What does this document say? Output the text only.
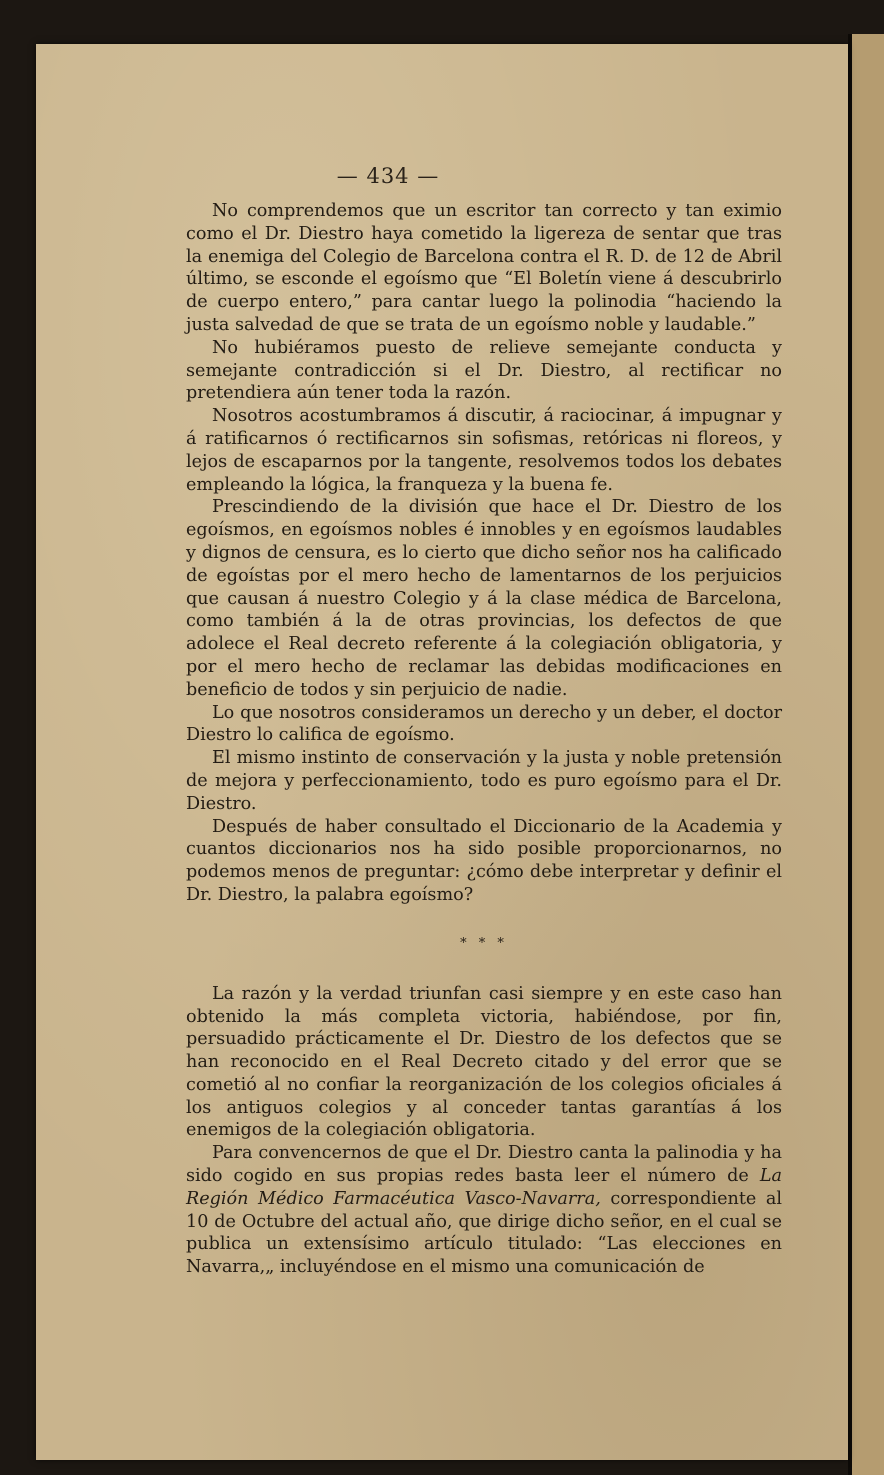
— 434 —

No comprendemos que un escritor tan correcto y tan eximio como el Dr. Diestro haya cometido la ligereza de sentar que tras la enemiga del Colegio de Barcelona contra el R. D. de 12 de Abril último, se esconde el egoísmo que “El Boletín viene á descubrirlo de cuerpo entero,” para cantar luego la polinodia “haciendo la justa salvedad de que se trata de un egoísmo noble y laudable.”

No hubiéramos puesto de relieve semejante conducta y semejante contradicción si el Dr. Diestro, al rectificar no pretendiera aún tener toda la razón.

Nosotros acostumbramos á discutir, á raciocinar, á impugnar y á ratificarnos ó rectificarnos sin sofismas, retóricas ni floreos, y lejos de escaparnos por la tangente, resolvemos todos los debates empleando la lógica, la franqueza y la buena fe.

Prescindiendo de la división que hace el Dr. Diestro de los egoísmos, en egoísmos nobles é innobles y en egoísmos laudables y dignos de censura, es lo cierto que dicho señor nos ha calificado de egoístas por el mero hecho de lamentarnos de los perjuicios que causan á nuestro Colegio y á la clase médica de Barcelona, como también á la de otras provincias, los defectos de que adolece el Real decreto referente á la colegiación obligatoria, y por el mero hecho de reclamar las debidas modificaciones en beneficio de todos y sin perjuicio de nadie.

Lo que nosotros consideramos un derecho y un deber, el doctor Diestro lo califica de egoísmo.

El mismo instinto de conservación y la justa y noble pretensión de mejora y perfeccionamiento, todo es puro egoísmo para el Dr. Diestro.

Después de haber consultado el Diccionario de la Academia y cuantos diccionarios nos ha sido posible proporcionarnos, no podemos menos de preguntar: ¿cómo debe interpretar y definir el Dr. Diestro, la palabra egoísmo?

* * *

La razón y la verdad triunfan casi siempre y en este caso han obtenido la más completa victoria, habiéndose, por fin, persuadido prácticamente el Dr. Diestro de los defectos que se han reconocido en el Real Decreto citado y del error que se cometió al no confiar la reorganización de los colegios oficiales á los antiguos colegios y al conceder tantas garantías á los enemigos de la colegiación obligatoria.

Para convencernos de que el Dr. Diestro canta la palinodia y ha sido cogido en sus propias redes basta leer el número de La Región Médico Farmacéutica Vasco-Navarra, correspondiente al 10 de Octubre del actual año, que dirige dicho señor, en el cual se publica un extensísimo artículo titulado: “Las elecciones en Navarra,„ incluyéndose en el mismo una comunicación de
